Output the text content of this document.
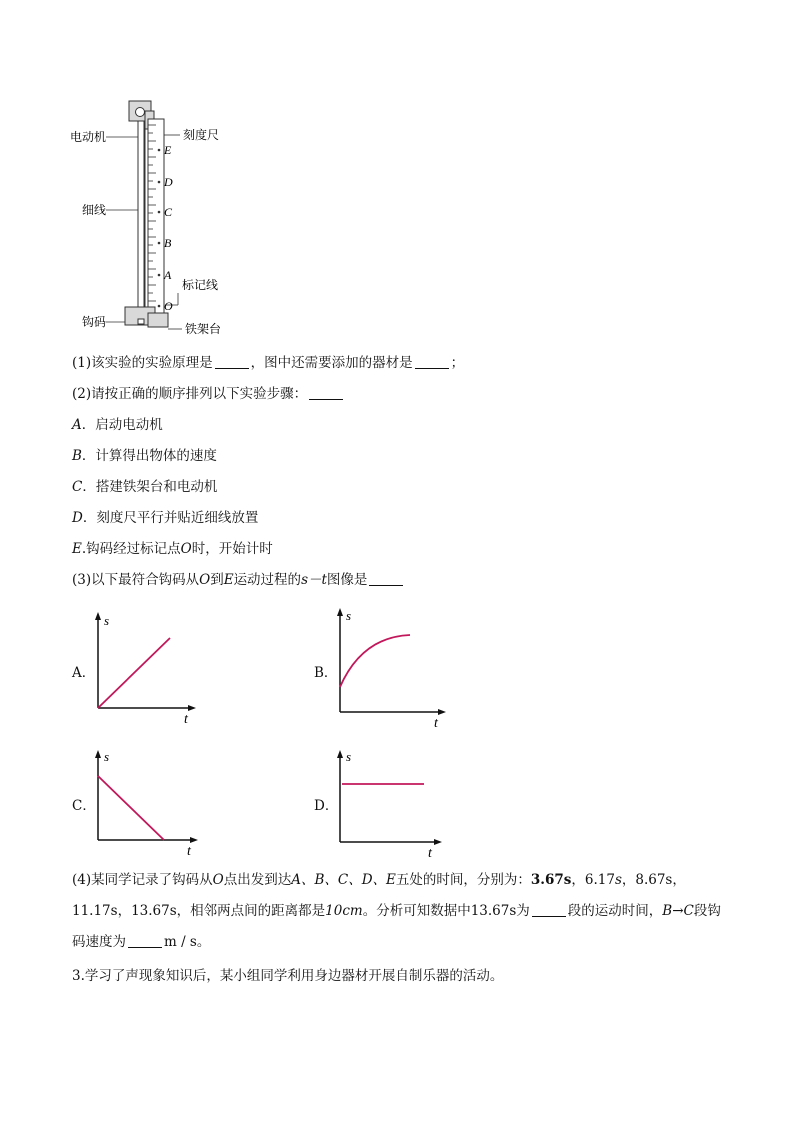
电动机	刻度尺
细线
标记线
钩码	铁架台
E
D
C
B
A
O
(1)该实验的实验原理是	，图中还需要添加的器材是	；
(2)请按正确的顺序排列以下实验步骤：
A．启动电动机
B．计算得出物体的速度
C．搭建铁架台和电动机
D．刻度尺平行并贴近细线放置
E.钩码经过标记点O时，开始计时
(3)以下最符合钩码从O到E运动过程的s－t图像是
A．
s
t
B．
s
t
C．
s
t
D．
s
t
(4)某同学记录了钩码从O点出发到达A、B、C、D、E五处的时间，分别为：3.67s，6.17s，8.67s，
11.17s，13.67s，相邻两点间的距离都是10cm。分析可知数据中13.67s为	段的运动时间，B→C段钩
码速度为	m / s。
3.学习了声现象知识后，某小组同学利用身边器材开展自制乐器的活动。
